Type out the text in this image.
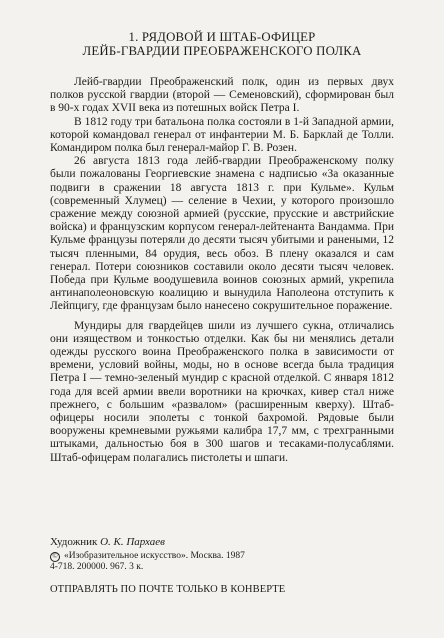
1. РЯДОВОЙ И ШТАБ-ОФИЦЕР
ЛЕЙБ-ГВАРДИИ ПРЕОБРАЖЕНСКОГО ПОЛКА

Лейб-гвардии Преображенский полк, один из первых двух полков русской гвардии (второй — Семеновский), сформирован был в 90-х годах XVII века из потешных войск Петра I.

В 1812 году три батальона полка состояли в 1-й Западной армии, которой командовал генерал от инфантерии М. Б. Барклай де Толли. Командиром полка был генерал-майор Г. В. Розен.

26 августа 1813 года лейб-гвардии Преображенскому полку были пожалованы Георгиевские знамена с надписью «За оказанные подвиги в сражении 18 августа 1813 г. при Кульме». Кульм (современный Хлумец) — селение в Чехии, у которого произошло сражение между союзной армией (русские, прусские и австрийские войска) и французским корпусом генерал-лейтенанта Вандамма. При Кульме французы потеряли до десяти тысяч убитыми и ранеными, 12 тысяч пленными, 84 орудия, весь обоз. В плену оказался и сам генерал. Потери союзников составили около десяти тысяч человек. Победа при Кульме воодушевила воинов союзных армий, укрепила антинаполеоновскую коалицию и вынудила Наполеона отступить к Лейпцигу, где французам было нанесено сокрушительное поражение.

Мундиры для гвардейцев шили из лучшего сукна, отличались они изяществом и тонкостью отделки. Как бы ни менялись детали одежды русского воина Преображенского полка в зависимости от времени, условий войны, моды, но в основе всегда была традиция Петра I — темно-зеленый мундир с красной отделкой. С января 1812 года для всей армии ввели воротники на крючках, кивер стал ниже прежнего, с большим «развалом» (расширенным кверху). Штаб-офицеры носили эполеты с тонкой бахромой. Рядовые были вооружены кремневыми ружьями калибра 17,7 мм, с трехгранными штыками, дальностью боя в 300 шагов и тесаками-полусаблями. Штаб-офицерам полагались пистолеты и шпаги.

Художник О. К. Пархаев

© «Изобразительное искусство». Москва. 1987

4-718. 200000. 967. 3 к.

ОТПРАВЛЯТЬ ПО ПОЧТЕ ТОЛЬКО В КОНВЕРТЕ
